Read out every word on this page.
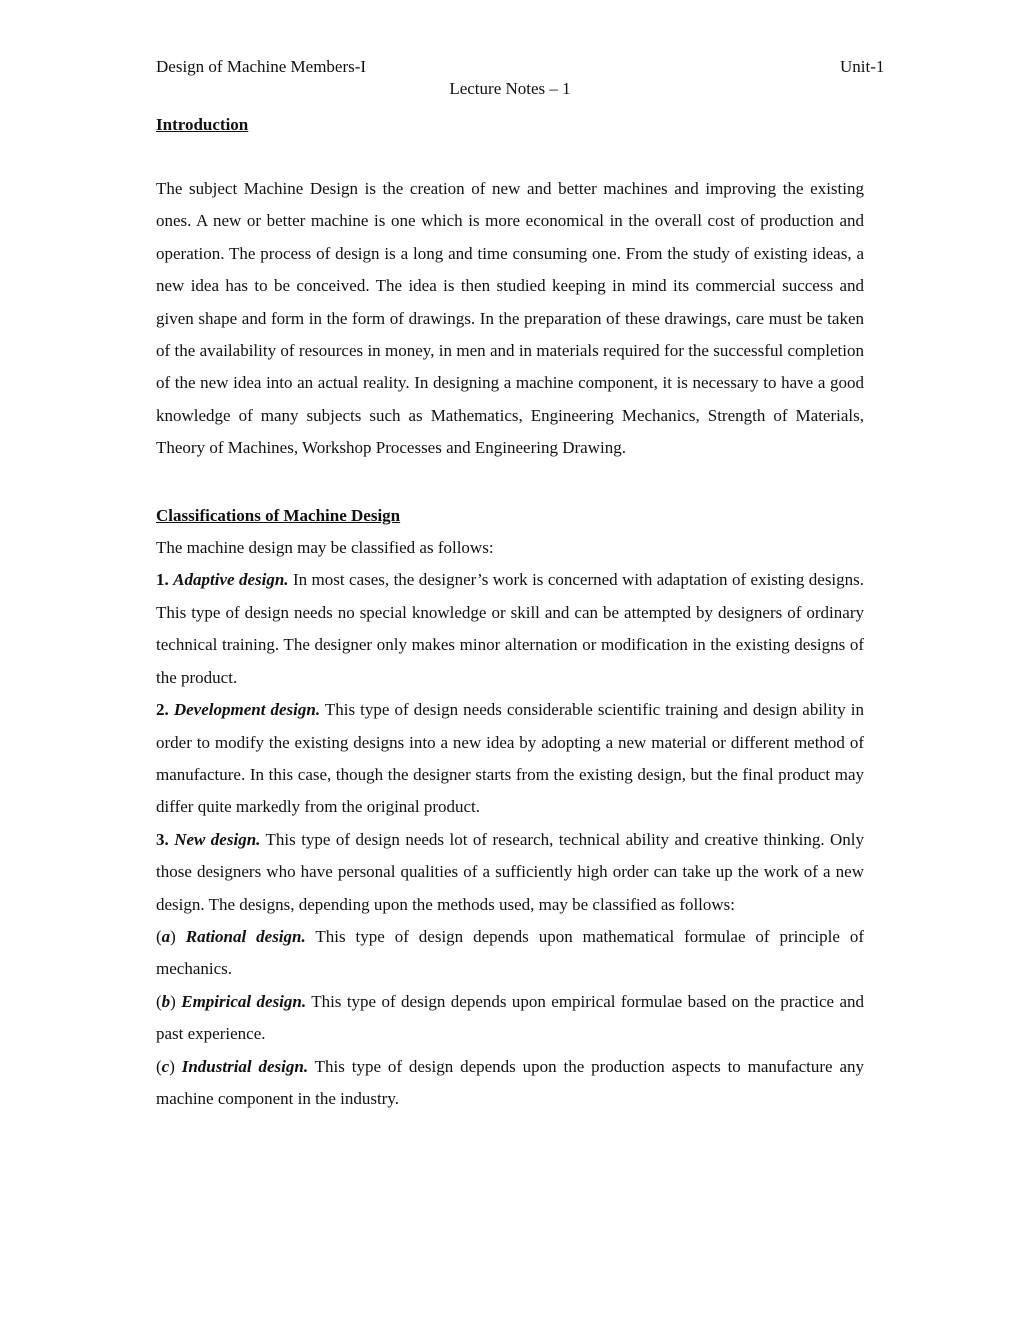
Design of Machine Members-I	Unit-1
Lecture Notes – 1

Introduction

The subject Machine Design is the creation of new and better machines and improving the existing ones. A new or better machine is one which is more economical in the overall cost of production and operation. The process of design is a long and time consuming one. From the study of existing ideas, a new idea has to be conceived. The idea is then studied keeping in mind its commercial success and given shape and form in the form of drawings. In the preparation of these drawings, care must be taken of the availability of resources in money, in men and in materials required for the successful completion of the new idea into an actual reality. In designing a machine component, it is necessary to have a good knowledge of many subjects such as Mathematics, Engineering Mechanics, Strength of Materials, Theory of Machines, Workshop Processes and Engineering Drawing.

Classifications of Machine Design

The machine design may be classified as follows:

1. Adaptive design. In most cases, the designer’s work is concerned with adaptation of existing designs. This type of design needs no special knowledge or skill and can be attempted by designers of ordinary technical training. The designer only makes minor alternation or modification in the existing designs of the product.

2. Development design. This type of design needs considerable scientific training and design ability in order to modify the existing designs into a new idea by adopting a new material or different method of manufacture. In this case, though the designer starts from the existing design, but the final product may differ quite markedly from the original product.

3. New design. This type of design needs lot of research, technical ability and creative thinking. Only those designers who have personal qualities of a sufficiently high order can take up the work of a new design. The designs, depending upon the methods used, may be classified as follows:

(a) Rational design. This type of design depends upon mathematical formulae of principle of mechanics.

(b) Empirical design. This type of design depends upon empirical formulae based on the practice and past experience.

(c) Industrial design. This type of design depends upon the production aspects to manufacture any machine component in the industry.
